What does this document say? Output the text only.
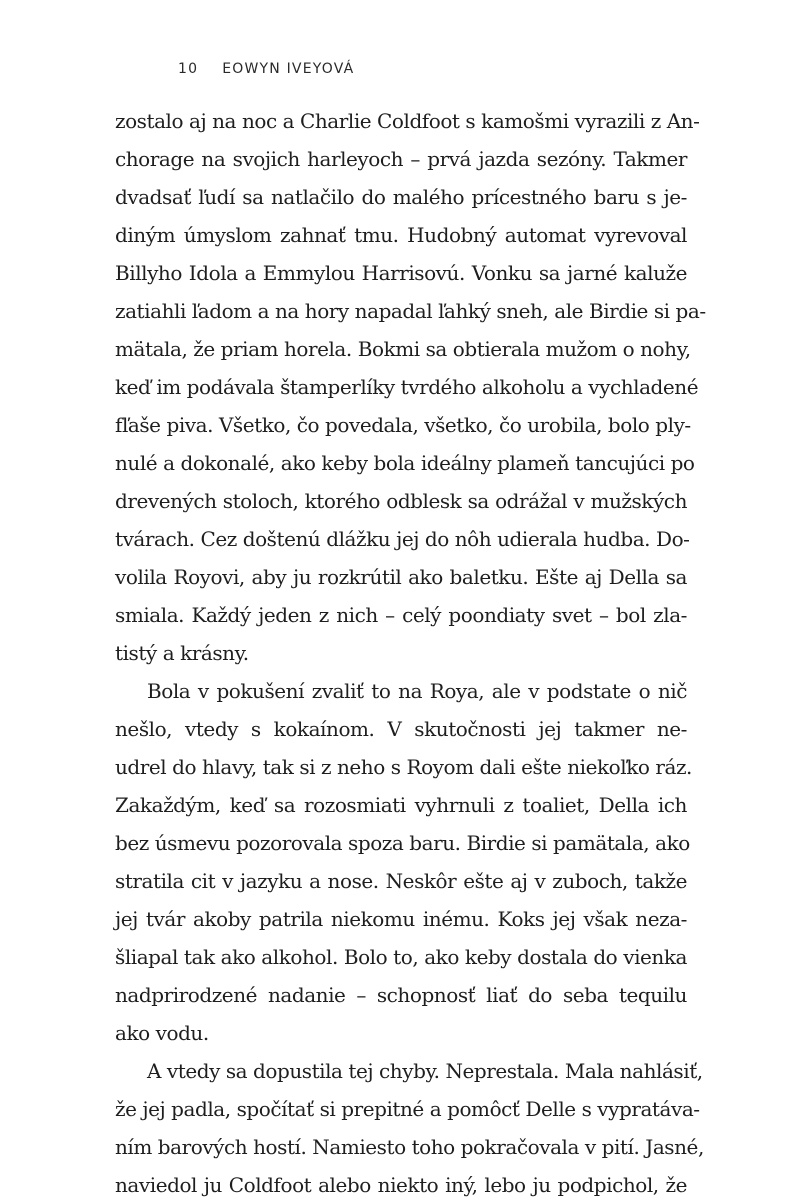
10 EOWYN IVEYOVÁ
zostalo aj na noc a Charlie Coldfoot s kamošmi vyrazili z An-
chorage na svojich harleyoch – prvá jazda sezóny. Takmer
dvadsať ľudí sa natlačilo do malého prícestného baru s je-
diným úmyslom zahnať tmu. Hudobný automat vyrevoval
Billyho Idola a Emmylou Harrisovú. Vonku sa jarné kaluže
zatiahli ľadom a na hory napadal ľahký sneh, ale Birdie si pa-
mätala, že priam horela. Bokmi sa obtierala mužom o nohy,
keď im podávala štamperlíky tvrdého alkoholu a vychladené
fľaše piva. Všetko, čo povedala, všetko, čo urobila, bolo ply-
nulé a dokonalé, ako keby bola ideálny plameň tancujúci po
drevených stoloch, ktorého odblesk sa odrážal v mužských
tvárach. Cez doštenú dlážku jej do nôh udierala hudba. Do-
volila Royovi, aby ju rozkrútil ako baletku. Ešte aj Della sa
smiala. Každý jeden z nich – celý poondiaty svet – bol zla-
tistý a krásny.
Bola v pokušení zvaliť to na Roya, ale v podstate o nič
nešlo, vtedy s kokaínom. V skutočnosti jej takmer ne-
udrel do hlavy, tak si z neho s Royom dali ešte niekoľko ráz.
Zakaždým, keď sa rozosmiati vyhrnuli z toaliet, Della ich
bez úsmevu pozorovala spoza baru. Birdie si pamätala, ako
stratila cit v jazyku a nose. Neskôr ešte aj v zuboch, takže
jej tvár akoby patrila niekomu inému. Koks jej však neza-
šliapal tak ako alkohol. Bolo to, ako keby dostala do vienka
nadprirodzené nadanie – schopnosť liať do seba tequilu
ako vodu.
A vtedy sa dopustila tej chyby. Neprestala. Mala nahlásiť,
že jej padla, spočítať si prepitné a pomôcť Delle s vypratáva-
ním barových hostí. Namiesto toho pokračovala v pití. Jasné,
naviedol ju Coldfoot alebo niekto iný, lebo ju podpichol, že
